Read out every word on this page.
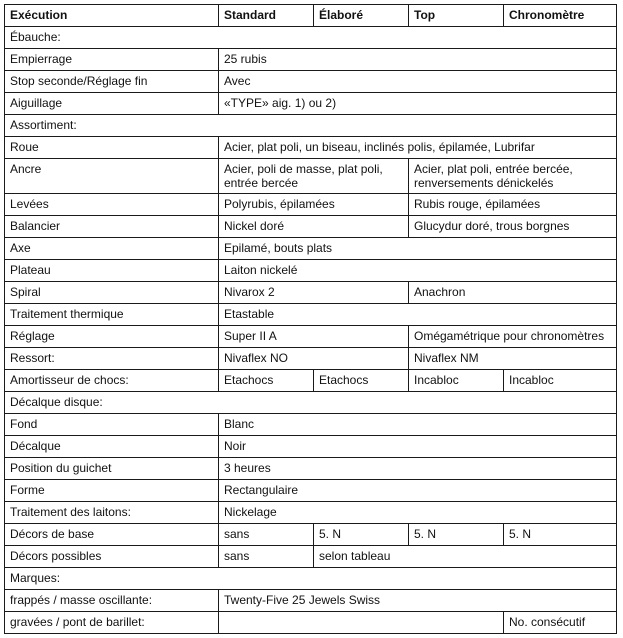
Exécution	Standard	Élaboré	Top	Chronomètre
Ébauche:				
Empierrage	25 rubis			
Stop seconde/Réglage fin	Avec			
Aiguillage	«TYPE» aig. 1) ou 2)			
Assortiment:				
Roue	Acier, plat poli, un biseau, inclinés polis, épilamée, Lubrifar			
Ancre	Acier, poli de masse, plat poli, entrée bercée		Acier, plat poli, entrée bercée, renversements dénickelés	
Levées	Polyrubis, épilamées		Rubis rouge, épilamées	
Balancier	Nickel doré		Glucydur doré, trous borgnes	
Axe	Epilamé, bouts plats			
Plateau	Laiton nickelé			
Spiral	Nivarox 2		Anachron	
Traitement thermique	Etastable			
Réglage	Super II A		Omégamétrique pour chronomètres	
Ressort:	Nivaflex NO		Nivaflex NM	
Amortisseur de chocs:	Etachocs	Etachocs	Incabloc	Incabloc
Décalque disque:				
Fond	Blanc			
Décalque	Noir			
Position du guichet	3 heures			
Forme	Rectangulaire			
Traitement des laitons:	Nickelage			
Décors de base	sans	5. N	5. N	5. N
Décors possibles	sans	selon tableau		
Marques:				
frappés / masse oscillante:	Twenty-Five 25 Jewels Swiss			
gravées / pont de barillet:				No. consécutif
